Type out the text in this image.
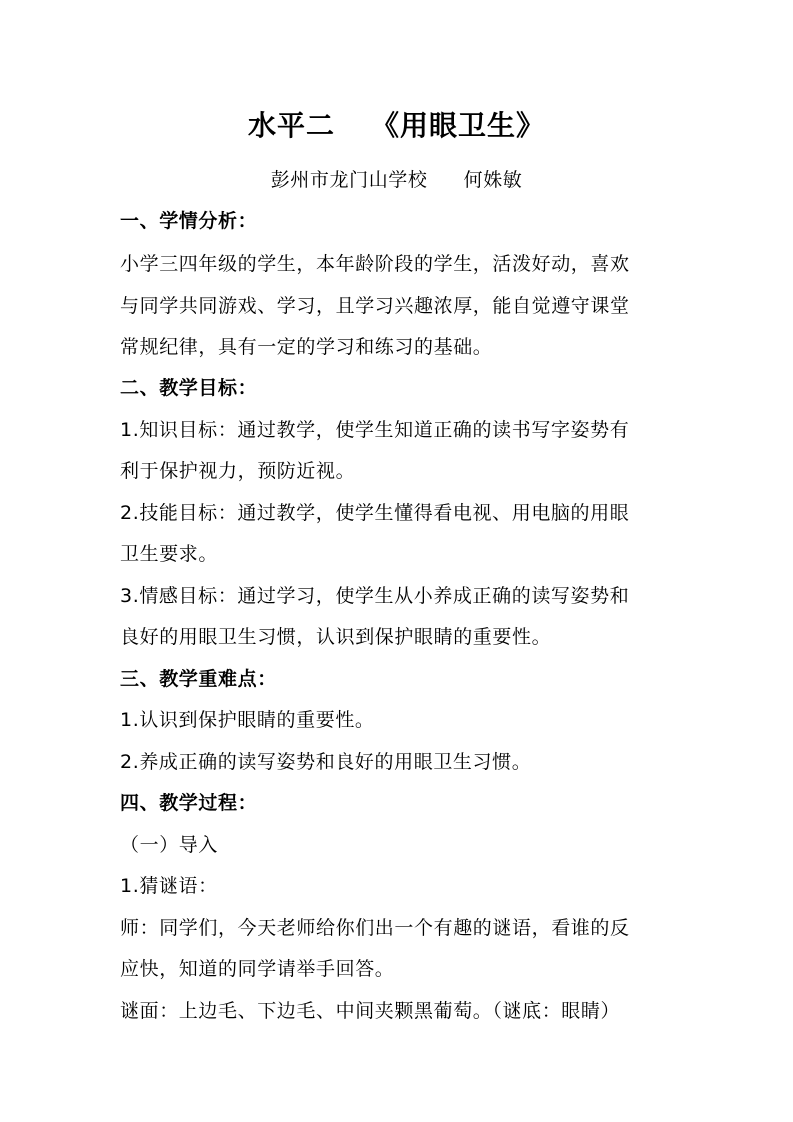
水平二 《用眼卫生》
彭州市龙门山学校 何姝敏
一、学情分析：
小学三四年级的学生，本年龄阶段的学生，活泼好动，喜欢
与同学共同游戏、学习，且学习兴趣浓厚，能自觉遵守课堂
常规纪律，具有一定的学习和练习的基础。
二、教学目标：
1.知识目标：通过教学，使学生知道正确的读书写字姿势有
利于保护视力，预防近视。
2.技能目标：通过教学，使学生懂得看电视、用电脑的用眼
卫生要求。
3.情感目标：通过学习，使学生从小养成正确的读写姿势和
良好的用眼卫生习惯，认识到保护眼睛的重要性。
三、教学重难点：
1.认识到保护眼睛的重要性。
2.养成正确的读写姿势和良好的用眼卫生习惯。
四、教学过程：
（一）导入
1.猜谜语：
师：同学们，今天老师给你们出一个有趣的谜语，看谁的反
应快，知道的同学请举手回答。
谜面：上边毛、下边毛、中间夹颗黑葡萄。（谜底：眼睛）
